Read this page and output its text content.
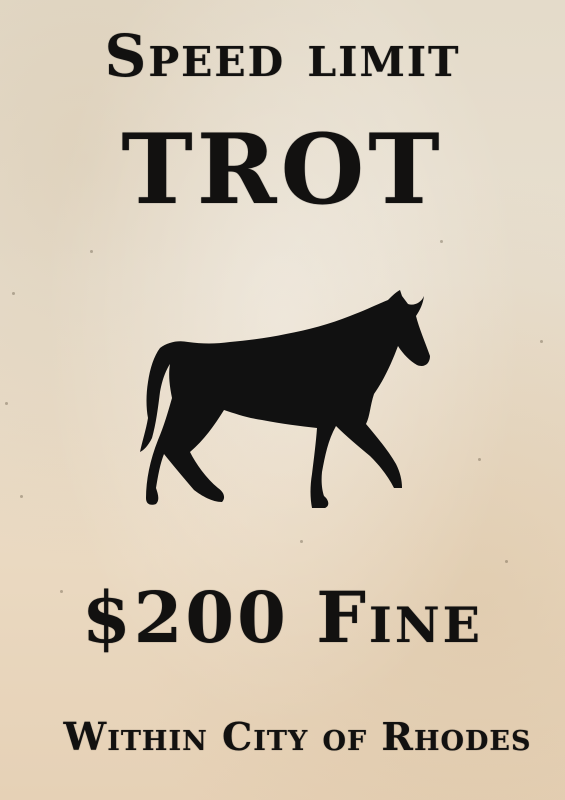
Speed limit
TROT
$200 Fine
Within City of Rhodes
